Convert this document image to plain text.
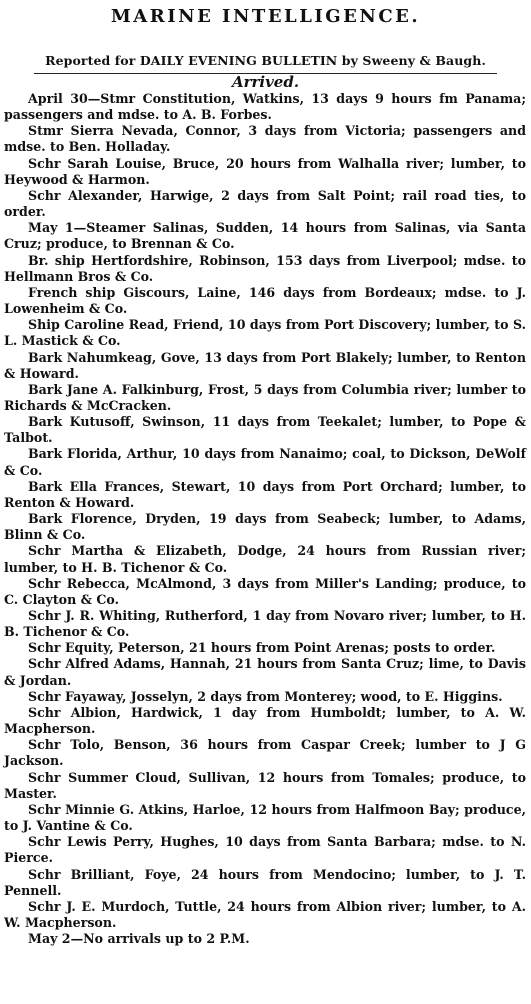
MARINE INTELLIGENCE.
Reported for DAILY EVENING BULLETIN by Sweeny & Baugh.
Arrived.

April 30—Stmr Constitution, Watkins, 13 days 9 hours fm Panama; passengers and mdse. to A. B. Forbes.

Stmr Sierra Nevada, Connor, 3 days from Victoria; passengers and mdse. to Ben. Holladay.

Schr Sarah Louise, Bruce, 20 hours from Walhalla river; lumber, to Heywood & Harmon.

Schr Alexander, Harwige, 2 days from Salt Point; rail road ties, to order.

May 1—Steamer Salinas, Sudden, 14 hours from Salinas, via Santa Cruz; produce, to Brennan & Co.

Br. ship Hertfordshire, Robinson, 153 days from Liverpool; mdse. to Hellmann Bros & Co.

French ship Giscours, Laine, 146 days from Bordeaux; mdse. to J. Lowenheim & Co.

Ship Caroline Read, Friend, 10 days from Port Discovery; lumber, to S. L. Mastick & Co.

Bark Nahumkeag, Gove, 13 days from Port Blakely; lumber, to Renton & Howard.

Bark Jane A. Falkinburg, Frost, 5 days from Columbia river; lumber to Richards & McCracken.

Bark Kutusoff, Swinson, 11 days from Teekalet; lumber, to Pope & Talbot.

Bark Florida, Arthur, 10 days from Nanaimo; coal, to Dickson, DeWolf & Co.

Bark Ella Frances, Stewart, 10 days from Port Orchard; lumber, to Renton & Howard.

Bark Florence, Dryden, 19 days from Seabeck; lumber, to Adams, Blinn & Co.

Schr Martha & Elizabeth, Dodge, 24 hours from Russian river; lumber, to H. B. Tichenor & Co.

Schr Rebecca, McAlmond, 3 days from Miller's Landing; produce, to C. Clayton & Co.

Schr J. R. Whiting, Rutherford, 1 day from Novaro river; lumber, to H. B. Tichenor & Co.

Schr Equity, Peterson, 21 hours from Point Arenas; posts to order.

Schr Alfred Adams, Hannah, 21 hours from Santa Cruz; lime, to Davis & Jordan.

Schr Fayaway, Josselyn, 2 days from Monterey; wood, to E. Higgins.

Schr Albion, Hardwick, 1 day from Humboldt; lumber, to A. W. Macpherson.

Schr Tolo, Benson, 36 hours from Caspar Creek; lumber to J G Jackson.

Schr Summer Cloud, Sullivan, 12 hours from Tomales; produce, to Master.

Schr Minnie G. Atkins, Harloe, 12 hours from Halfmoon Bay; produce, to J. Vantine & Co.

Schr Lewis Perry, Hughes, 10 days from Santa Barbara; mdse. to N. Pierce.

Schr Brilliant, Foye, 24 hours from Mendocino; lumber, to J. T. Pennell.

Schr J. E. Murdoch, Tuttle, 24 hours from Albion river; lumber, to A. W. Macpherson.

May 2—No arrivals up to 2 P.M.
